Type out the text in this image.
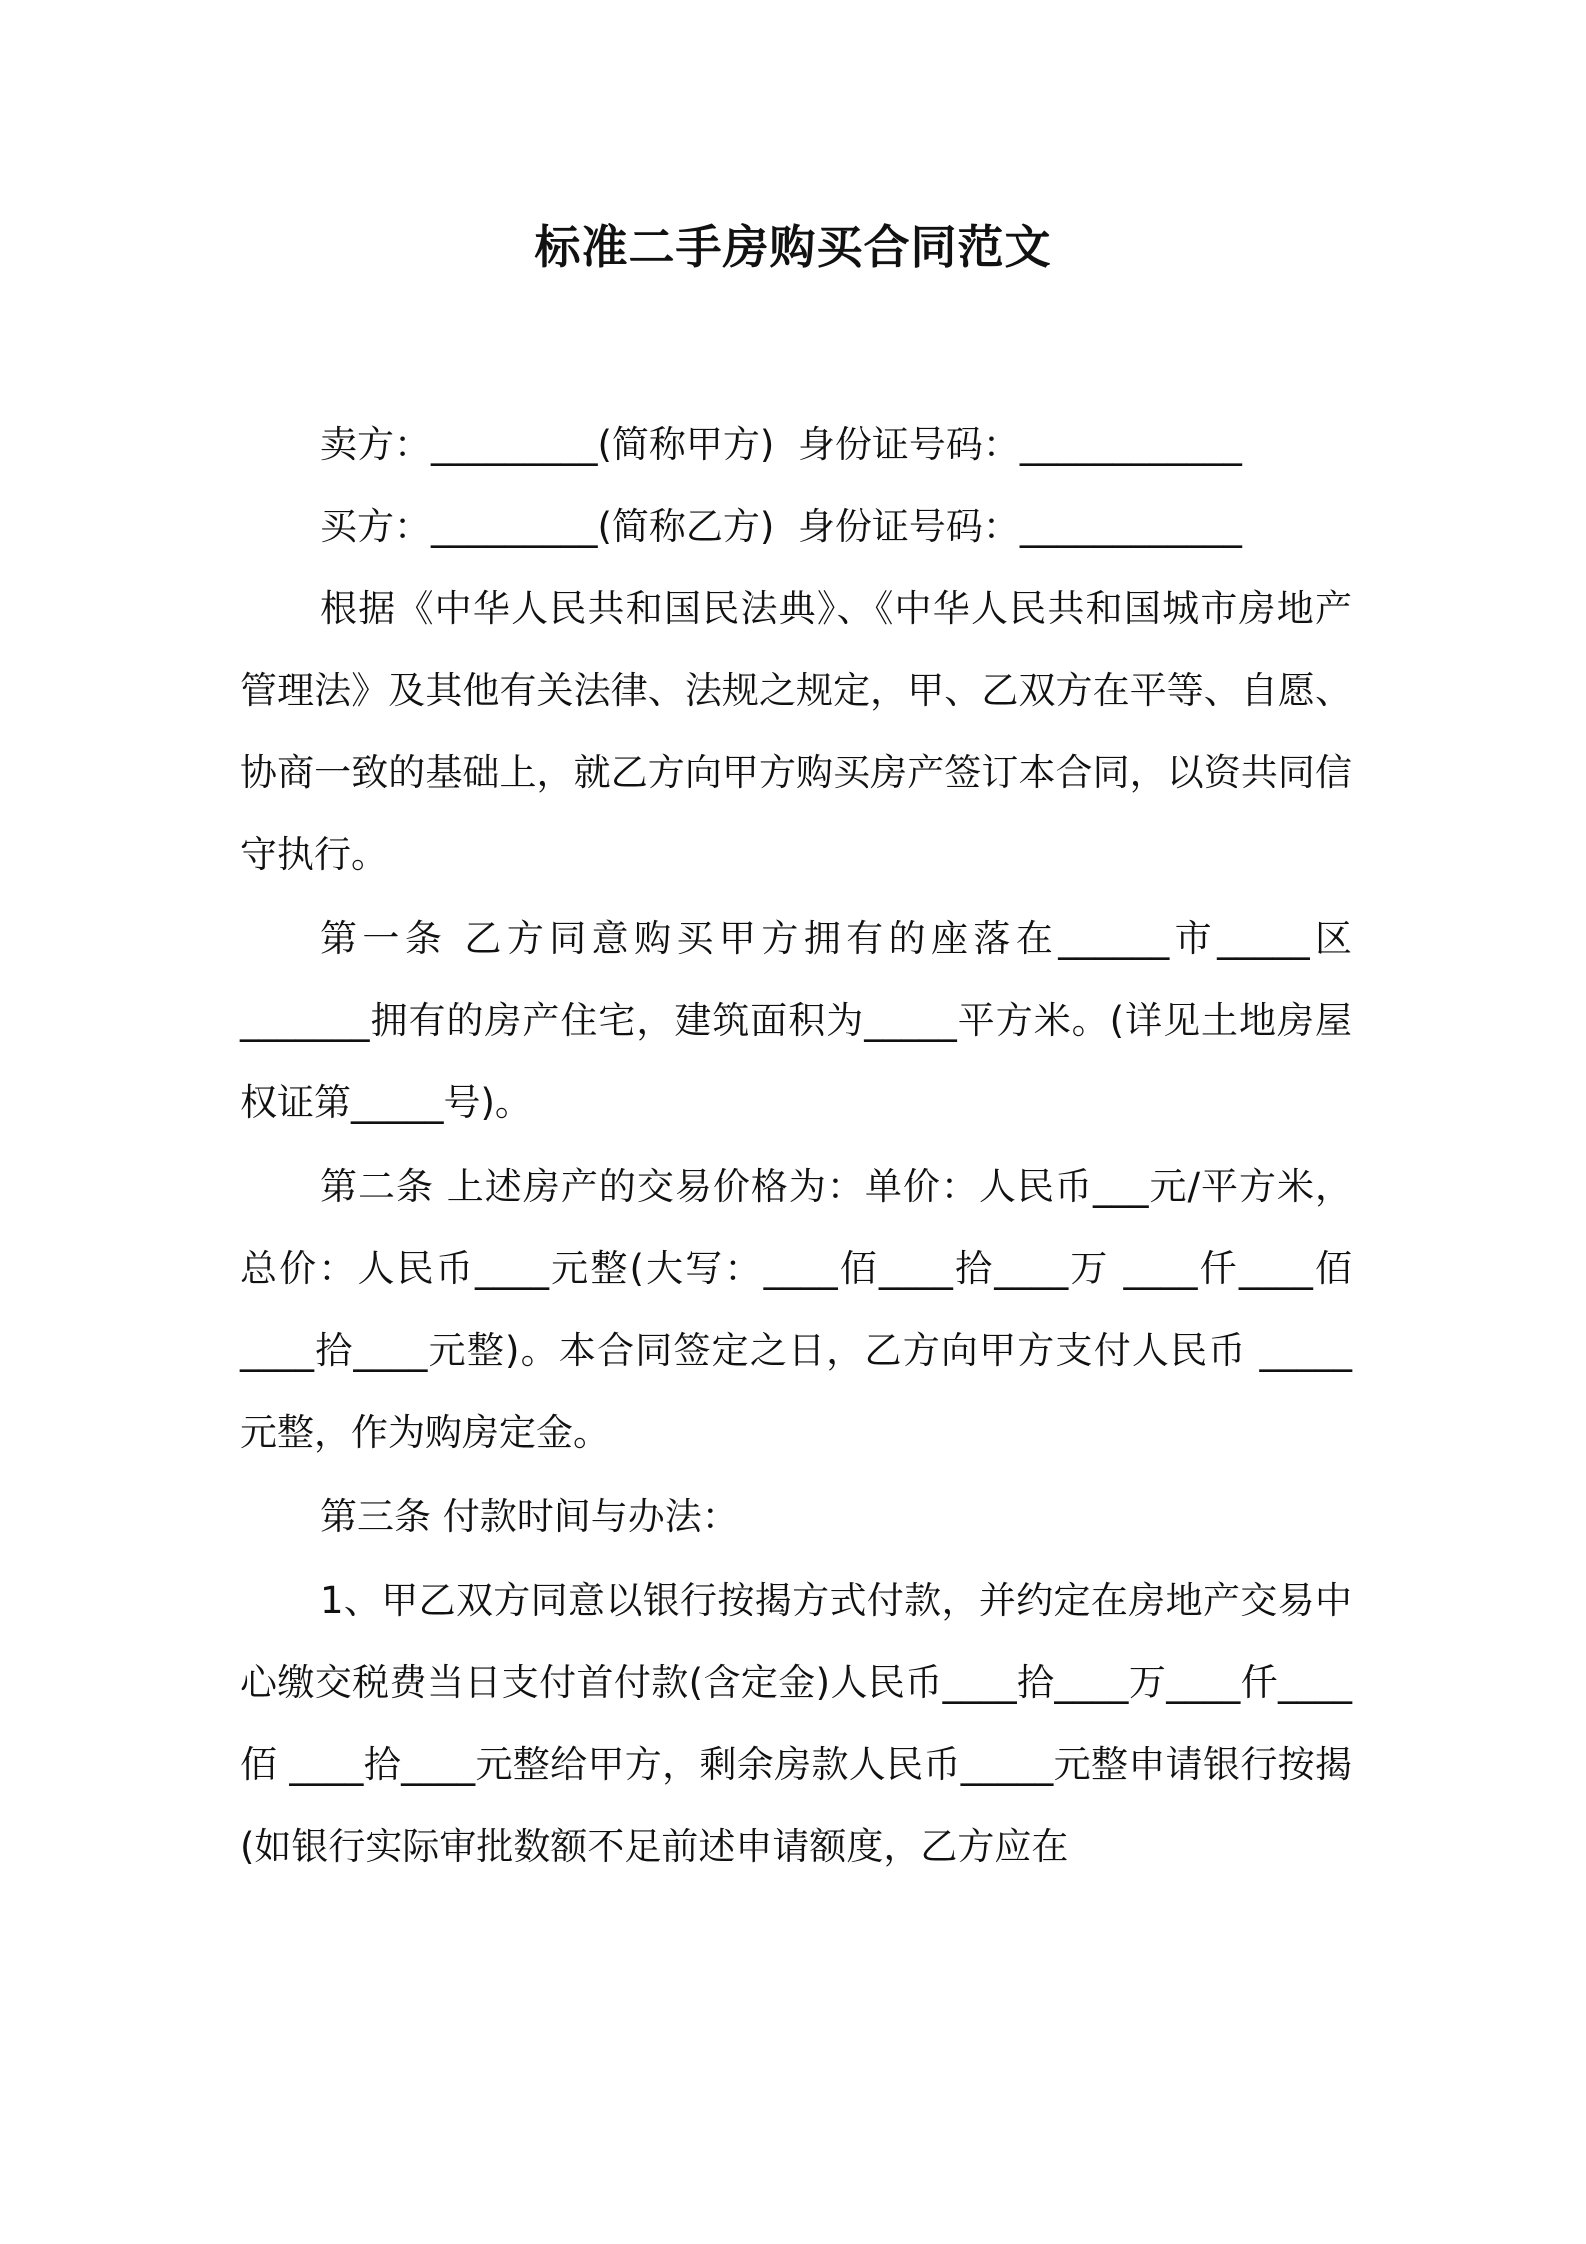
标准二手房购买合同范文

卖方：_________(简称甲方)  身份证号码：____________

买方：_________(简称乙方)  身份证号码：____________

根据《中华人民共和国民法典》、《中华人民共和国城市房地产管理法》及其他有关法律、法规之规定，甲、乙双方在平等、自愿、协商一致的基础上，就乙方向甲方购买房产签订本合同，以资共同信守执行。

第一条 乙方同意购买甲方拥有的座落在______市_____区_______拥有的房产住宅，建筑面积为_____平方米。(详见土地房屋权证第_____号)。

第二条 上述房产的交易价格为：单价：人民币___元/平方米，总价：人民币____元整(大写：____佰____拾____万 ____仟____佰____拾____元整)。本合同签定之日，乙方向甲方支付人民币 _____元整，作为购房定金。

第三条 付款时间与办法：

1、甲乙双方同意以银行按揭方式付款，并约定在房地产交易中心缴交税费当日支付首付款(含定金)人民币____拾____万____仟____佰 ____拾____元整给甲方，剩余房款人民币_____元整申请银行按揭(如银行实际审批数额不足前述申请额度，乙方应在
